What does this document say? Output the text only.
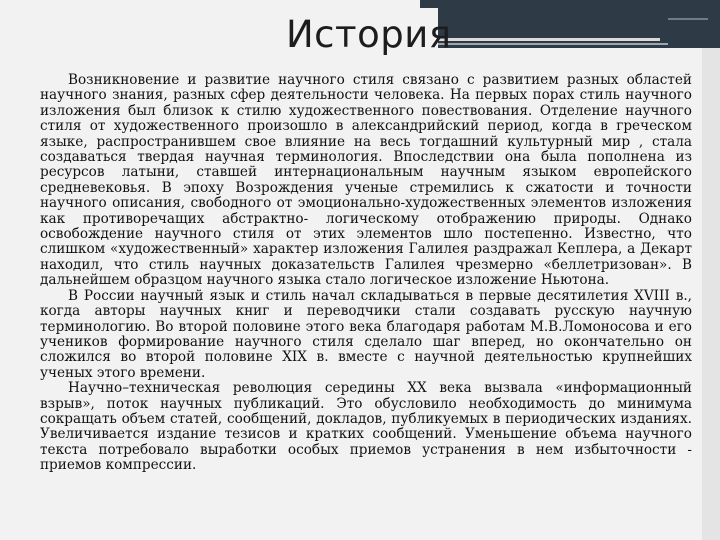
История

Возникновение и развитие научного стиля связано с развитием разных областей научного знания, разных сфер деятельности человека. На первых порах стиль научного изложения был близок к стилю художественного повествования. Отделение научного стиля от художественного произошло в александрийский период, когда в греческом языке, распространившем свое влияние на весь тогдашний культурный мир , стала создаваться твердая научная терминология. Впоследствии она была пополнена из ресурсов латыни, ставшей интернациональным научным языком европейского средневековья. В эпоху Возрождения ученые стремились к сжатости и точности научного описания, свободного от эмоционально-художественных элементов изложения как противоречащих абстрактно- логическому отображению природы. Однако освобождение научного стиля от этих элементов шло постепенно. Известно, что слишком «художественный» характер изложения Галилея раздражал Кеплера, а Декарт находил, что стиль научных доказательств Галилея чрезмерно «беллетризован». В дальнейшем образцом научного языка стало логическое изложение Ньютона.

В России научный язык и стиль начал складываться в первые десятилетия XVIII в., когда авторы научных книг и переводчики стали создавать русскую научную терминологию. Во второй половине этого века благодаря работам М.В.Ломоносова и его учеников формирование научного стиля сделало шаг вперед, но окончательно он сложился во второй половине XIX в. вместе с научной деятельностью крупнейших ученых этого времени.

Научно–техническая революция середины XX века вызвала «информационный взрыв», поток научных публикаций. Это обусловило необходимость до минимума сокращать объем статей, сообщений, докладов, публикуемых в периодических изданиях. Увеличивается издание тезисов и кратких сообщений. Уменьшение объема научного текста потребовало выработки особых приемов устранения в нем избыточности - приемов компрессии.
